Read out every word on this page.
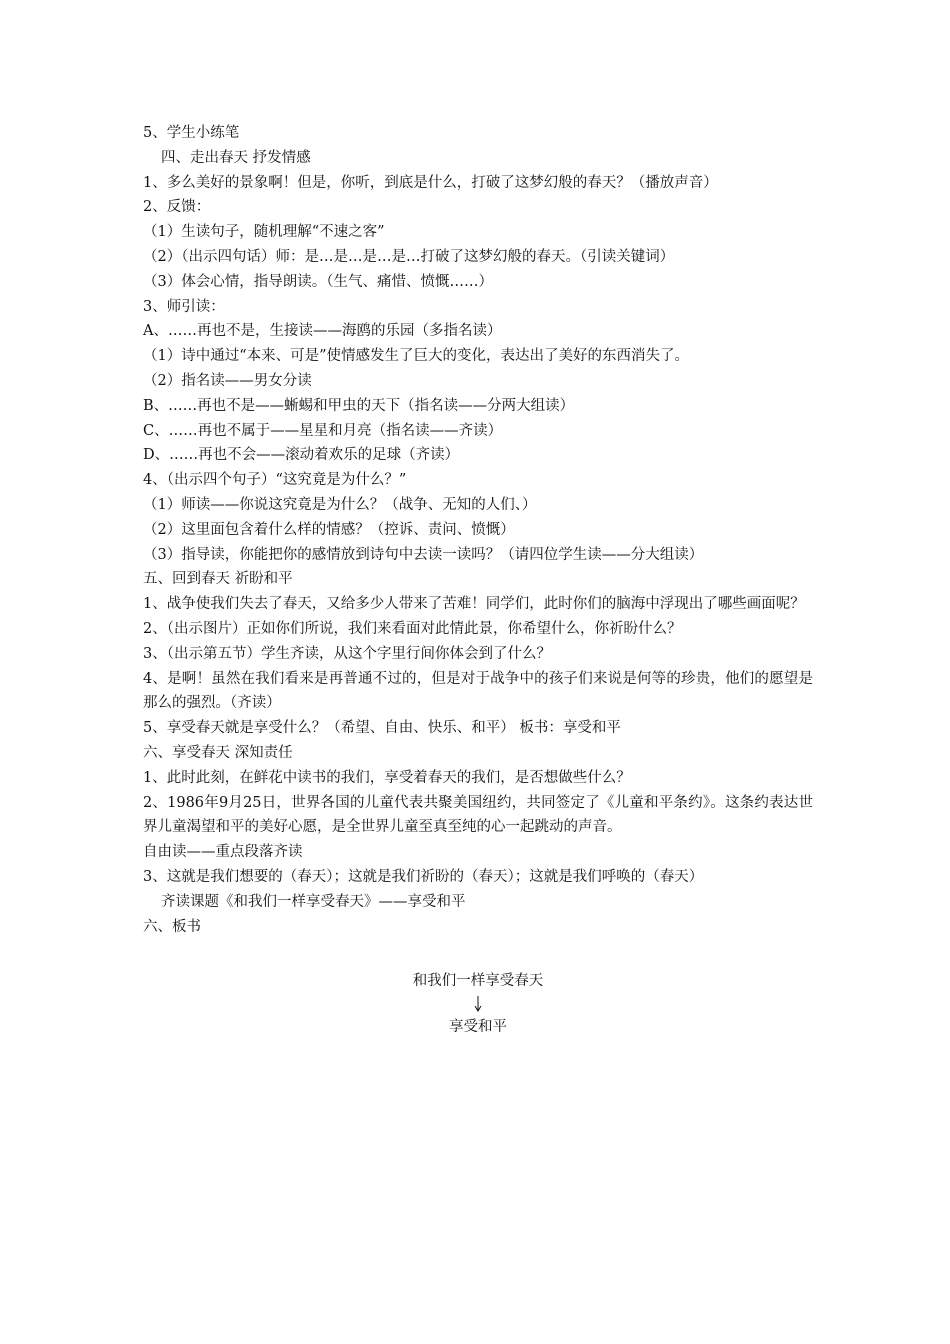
5、学生小练笔
四、走出春天 抒发情感
1、多么美好的景象啊！但是，你听，到底是什么，打破了这梦幻般的春天？（播放声音）
2、反馈：
（1）生读句子，随机理解“不速之客”
（2）（出示四句话）师：是…是…是…是…打破了这梦幻般的春天。（引读关键词）
（3）体会心情，指导朗读。（生气、痛惜、愤慨……）
3、师引读：
A、……再也不是，生接读——海鸥的乐园（多指名读）
（1）诗中通过“本来、可是”使情感发生了巨大的变化，表达出了美好的东西消失了。
（2）指名读——男女分读
B、……再也不是——蜥蜴和甲虫的天下（指名读——分两大组读）
C、……再也不属于——星星和月亮（指名读——齐读）
D、……再也不会——滚动着欢乐的足球（齐读）
4、（出示四个句子）“这究竟是为什么？”
（1）师读——你说这究竟是为什么？（战争、无知的人们、）
（2）这里面包含着什么样的情感？（控诉、责问、愤慨）
（3）指导读，你能把你的感情放到诗句中去读一读吗？（请四位学生读——分大组读）
五、回到春天 祈盼和平
1、战争使我们失去了春天，又给多少人带来了苦难！同学们，此时你们的脑海中浮现出了哪些画面呢？
2、（出示图片）正如你们所说，我们来看面对此情此景，你希望什么，你祈盼什么？
3、（出示第五节）学生齐读，从这个字里行间你体会到了什么？
4、是啊！虽然在我们看来是再普通不过的，但是对于战争中的孩子们来说是何等的珍贵，他们的愿望是那么的强烈。（齐读）
5、享受春天就是享受什么？（希望、自由、快乐、和平） 板书：享受和平
六、享受春天 深知责任
1、此时此刻，在鲜花中读书的我们，享受着春天的我们，是否想做些什么？
2、1986年9月25日，世界各国的儿童代表共聚美国纽约，共同签定了《儿童和平条约》。这条约表达世界儿童渴望和平的美好心愿，是全世界儿童至真至纯的心一起跳动的声音。
自由读——重点段落齐读
3、这就是我们想要的（春天）；这就是我们祈盼的（春天）；这就是我们呼唤的（春天）
齐读课题《和我们一样享受春天》——享受和平
六、板书
和我们一样享受春天
享受和平
